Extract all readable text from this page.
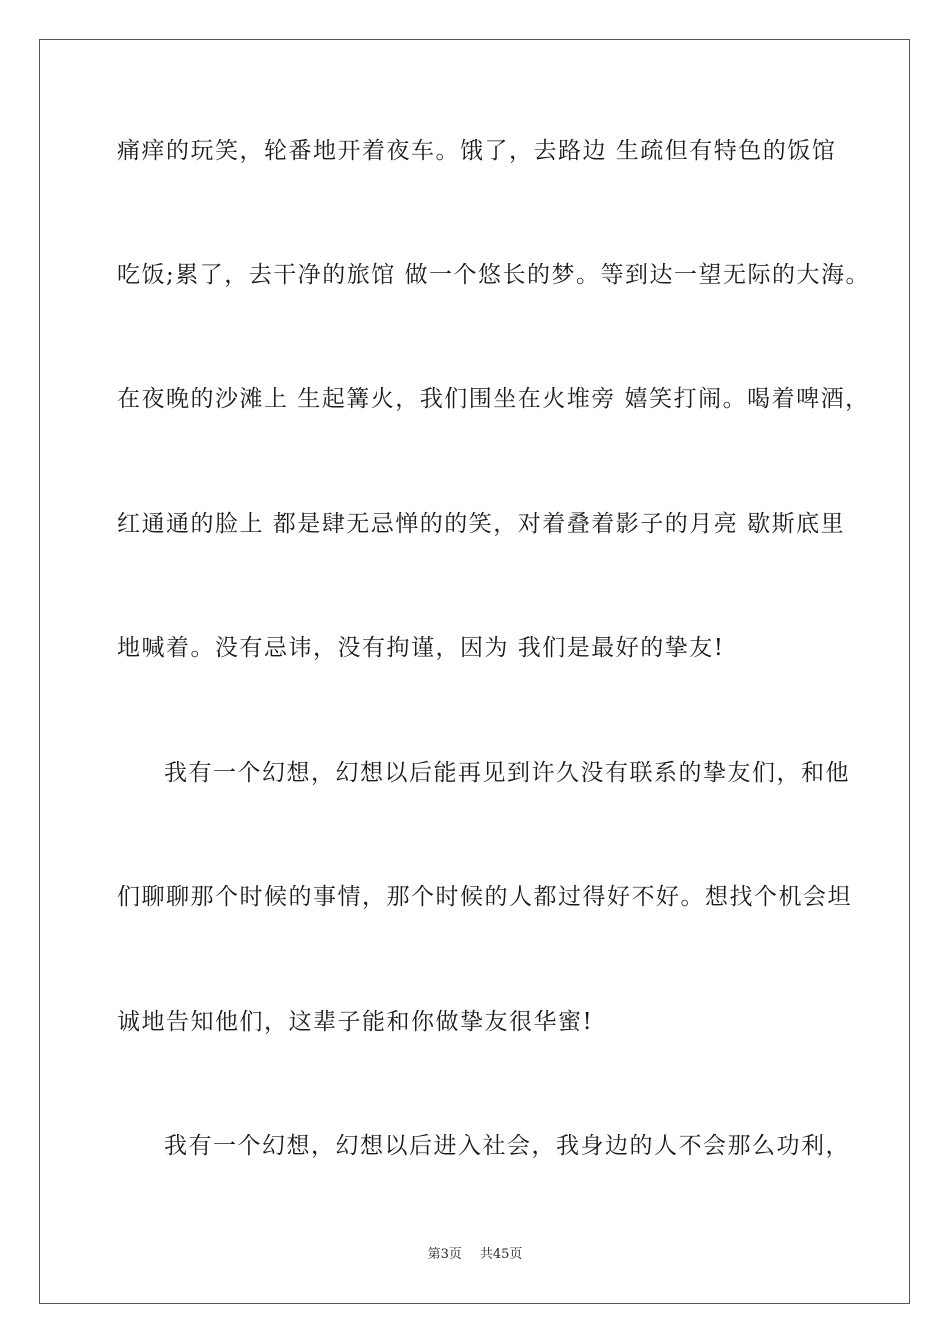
痛痒的玩笑，轮番地开着夜车。饿了，去路边 生疏但有特色的饭馆
吃饭;累了，去干净的旅馆 做一个悠长的梦。等到达一望无际的大海。
在夜晚的沙滩上 生起篝火，我们围坐在火堆旁 嬉笑打闹。喝着啤酒，
红通通的脸上 都是肆无忌惮的的笑，对着叠着影子的月亮 歇斯底里
地喊着。没有忌讳，没有拘谨，因为 我们是最好的挚友!
我有一个幻想，幻想以后能再见到许久没有联系的挚友们，和他
们聊聊那个时候的事情，那个时候的人都过得好不好。想找个机会坦
诚地告知他们，这辈子能和你做挚友很华蜜!
我有一个幻想，幻想以后进入社会，我身边的人不会那么功利，
第3页 共45页
